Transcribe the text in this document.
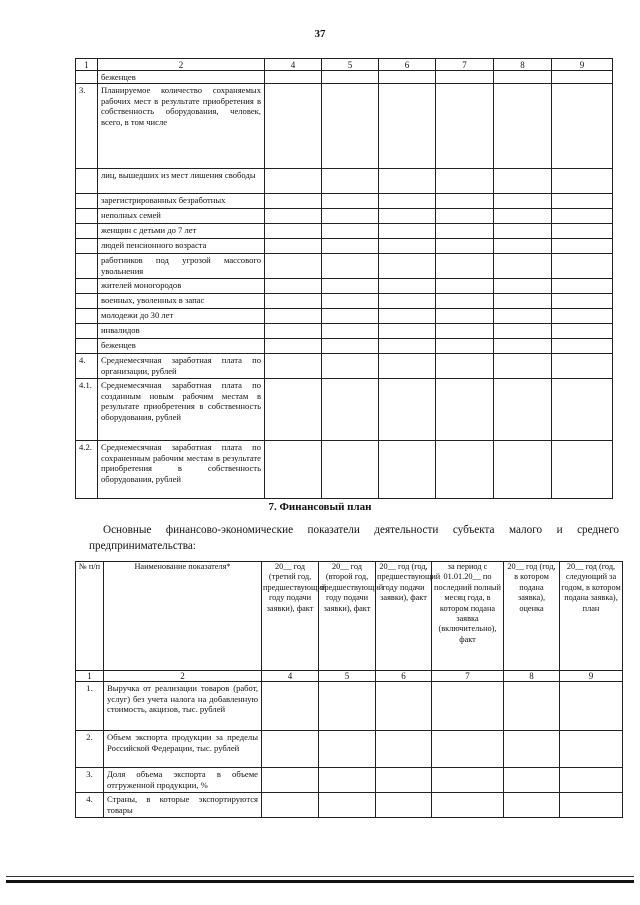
37
1	2	4	5	6	7	8	9
	беженцев						
3.	Планируемое количество сохраняемых рабочих мест в результате приобретения в собственность оборудования, человек, всего, в том числе						
	лиц, вышедших из мест лишения свободы						
	зарегистрированных безработных						
	неполных семей						
	женщин с детьми до 7 лет						
	людей пенсионного возраста						
	работников под угрозой массового увольнения						
	жителей моногородов						
	военных, уволенных в запас						
	молодежи до 30 лет						
	инвалидов						
	беженцев						
4.	Среднемесячная заработная плата по организации, рублей						
4.1.	Среднемесячная заработная плата по созданным новым рабочим местам в результате приобретения в собственность оборудования, рублей						
4.2.	Среднемесячная заработная плата по сохраненным рабочим местам в результате приобретения в собственность оборудования, рублей						
7. Финансовый план
Основные финансово-экономические показатели деятельности субъекта малого и среднего предпринимательства:
№ п/п	Наименование показателя*	20__ год (третий год, предшествующий году подачи заявки), факт	20__ год (второй год, предшествующий году подачи заявки), факт	20__ год (год, предшествующий году подачи заявки), факт	за период с 01.01.20__ по последний полный месяц года, в котором подана заявка (включительно), факт	20__ год (год, в котором подана заявка), оценка	20__ год (год, следующий за годом, в котором подана заявка), план
1	2	4	5	6	7	8	9
1.	Выручка от реализации товаров (работ, услуг) без учета налога на добавленную стоимость, акцизов, тыс. рублей						
2.	Объем экспорта продукции за пределы Российской Федерации, тыс. рублей						
3.	Доля объема экспорта в объеме отгруженной продукции, %						
4.	Страны, в которые экспортируются товары						
